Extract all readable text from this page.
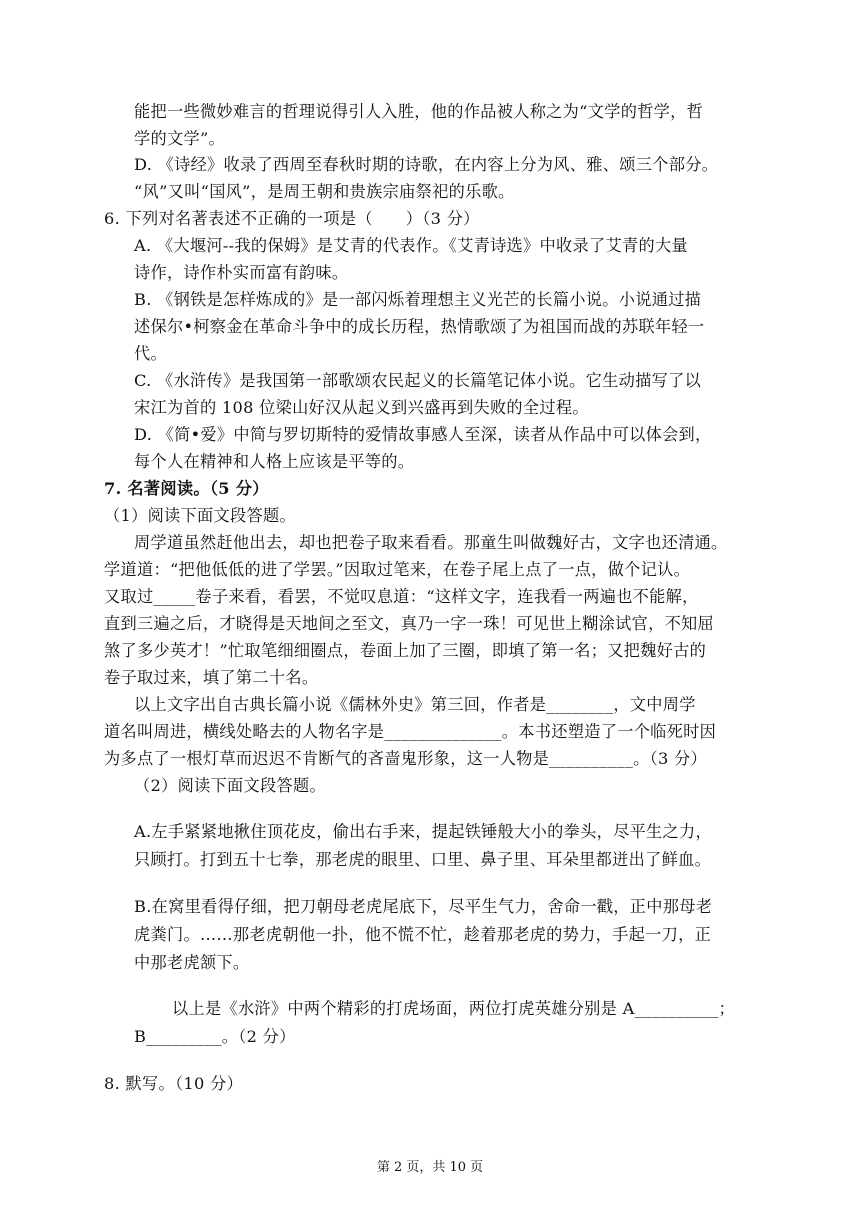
能把一些微妙难言的哲理说得引人入胜，他的作品被人称之为“文学的哲学，哲
学的文学”。
D. 《诗经》收录了西周至春秋时期的诗歌，在内容上分为风、雅、颂三个部分。
“风”又叫“国风”，是周王朝和贵族宗庙祭祀的乐歌。
6. 下列对名著表述不正确的一项是（　　）（3 分）
A. 《大堰河--我的保姆》是艾青的代表作。《艾青诗选》中收录了艾青的大量
诗作，诗作朴实而富有韵味。
B. 《钢铁是怎样炼成的》是一部闪烁着理想主义光芒的长篇小说。小说通过描
述保尔•柯察金在革命斗争中的成长历程，热情歌颂了为祖国而战的苏联年轻一
代。
C. 《水浒传》是我国第一部歌颂农民起义的长篇笔记体小说。它生动描写了以
宋江为首的 108 位梁山好汉从起义到兴盛再到失败的全过程。
D. 《简•爱》中简与罗切斯特的爱情故事感人至深，读者从作品中可以体会到，
每个人在精神和人格上应该是平等的。
7. 名著阅读。（5 分）
（1）阅读下面文段答题。
周学道虽然赶他出去，却也把卷子取来看看。那童生叫做魏好古，文字也还清通。
学道道：“把他低低的进了学罢。”因取过笔来，在卷子尾上点了一点，做个记认。
又取过_____卷子来看，看罢，不觉叹息道：“这样文字，连我看一两遍也不能解，
直到三遍之后，才晓得是天地间之至文，真乃一字一珠！可见世上糊涂试官，不知屈
煞了多少英才！”忙取笔细细圈点，卷面上加了三圈，即填了第一名；又把魏好古的
卷子取过来，填了第二十名。
以上文字出自古典长篇小说《儒林外史》第三回，作者是________，文中周学
道名叫周进，横线处略去的人物名字是______________。本书还塑造了一个临死时因
为多点了一根灯草而迟迟不肯断气的吝啬鬼形象，这一人物是__________。（3 分）
（2）阅读下面文段答题。
A.左手紧紧地揪住顶花皮，偷出右手来，提起铁锤般大小的拳头，尽平生之力，
只顾打。打到五十七拳，那老虎的眼里、口里、鼻子里、耳朵里都迸出了鲜血。
B.在窝里看得仔细，把刀朝母老虎尾底下，尽平生气力，舍命一戳，正中那母老
虎粪门。……那老虎朝他一扑，他不慌不忙，趁着那老虎的势力，手起一刀，正
中那老虎颔下。
以上是《水浒》中两个精彩的打虎场面，两位打虎英雄分别是 A__________；
B_________。（2 分）
8. 默写。（10 分）
第 2 页，共 10 页
